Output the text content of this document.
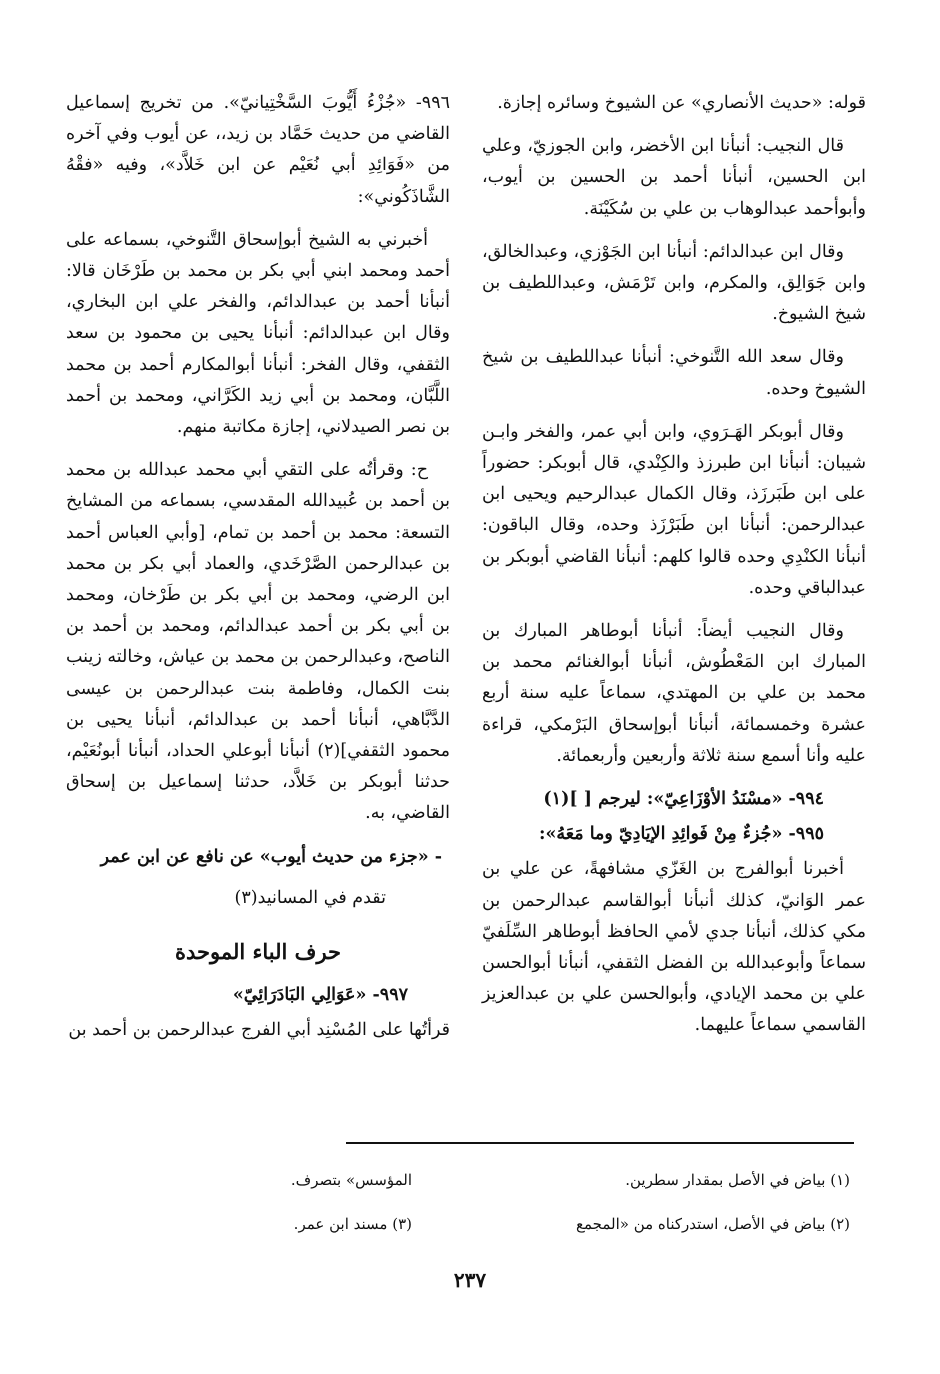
قوله: «حديث الأنصاري» عن الشيوخ وسائره إجازة.

قال النجيب: أنبأنا ابن الأخضر، وابن الجوزيّ، وعلي ابن الحسين، أنبأنا أحمد بن الحسين بن أيوب، وأبوأحمد عبدالوهاب بن علي بن سُكَيْنَة.

وقال ابن عبدالدائم: أنبأنا ابن الجَوْزي، وعبدالخالق، وابن جَوَالِق، والمكرم، وابن تَرْمَش، وعبداللطيف بن شيخ الشيوخ.

وقال سعد الله التَّنوخي: أنبأنا عبداللطيف بن شيخ الشيوخ وحده.

وقال أبوبكر الهَـرَوي، وابن أبي عمر، والفخر وابـن شيبان: أنبأنا ابن طبرزذ والكِنْدي، قال أبوبكر: حضوراً على ابن طَبَرزَذ، وقال الكمال عبدالرحيم ويحيى ابن عبدالرحمن: أنبأنا ابن طَبَرْزَذ وحده، وقال الباقون: أنبأنا الكنْدِي وحده قالوا كلهم: أنبأنا القاضي أبوبكر بن عبدالباقي وحده.

وقال النجيب أيضاً: أنبأنا أبوطاهر المبارك بن المبارك ابن المَعْطُوش، أنبأنا أبوالغنائم محمد بن محمد بن علي بن المهتدي، سماعاً عليه سنة أربع عشرة وخمسمائة، أنبأنا أبوإسحاق البَرْمكي، قراءة عليه وأنا أسمع سنة ثلاثة وأربعين وأربعمائة.

٩٩٤- «مسْنَدُ الأوْزَاعِيّ»: ليرجم [ ](١)

٩٩٥- «جُزءٌ مِنْ فَوائِدِ الإيَادِيّ وما مَعَهُ»:

أخبرنا أبوالفرج بن الغَزّي مشافهةً، عن علي بن عمر الوَانيّ، كذلك أنبأنا أبوالقاسم عبدالرحمن بن مكي كذلك، أنبأنا جدي لأمي الحافظ أبوطاهر السِّلَفيّ سماعاً وأبوعبدالله بن الفضل الثقفي، أنبأنا أبوالحسن علي بن محمد الإيادي، وأبوالحسن علي بن عبدالعزيز القاسمي سماعاً عليهما.

٩٩٦- «جُزْءُ أَيُّوبَ السَّخْتِيانيّ». من تخريج إسماعيل القاضي من حديث حَمَّاد بن زيد،، عن أيوب وفي آخره من «فَوَائِدِ أبي نُعَيْم عن ابن خَلاَّد»، وفيه «فقْهُ الشَّاذَكُوني»:

أخبرني به الشيخ أبوإسحاق التَّنوخي، بسماعه على أحمد ومحمد ابني أبي بكر بن محمد بن طَرْخَان قالا: أنبأنا أحمد بن عبدالدائم، والفخر علي ابن البخاري، وقال ابن عبدالدائم: أنبأنا يحيى بن محمود بن سعد الثقفي، وقال الفخر: أنبأنا أبوالمكارم أحمد بن محمد اللَّبَّان، ومحمد بن أبي زيد الكَرَّاني، ومحمد بن أحمد بن نصر الصيدلاني، إجازة مكاتبة منهم.

ح: وقرأتُه على التقي أبي محمد عبدالله بن محمد بن أحمد بن عُبيدالله المقدسي، بسماعه من المشايخ التسعة: محمد بن أحمد بن تمام، [وأبي العباس أحمد بن عبدالرحمن الصَّرْخَدي، والعماد أبي بكر بن محمد ابن الرضي، ومحمد بن أبي بكر بن طَرْخان، ومحمد بن أبي بكر بن أحمد عبدالدائم، ومحمد بن أحمد بن الناصح، وعبدالرحمن بن محمد بن عياش، وخالته زينب بنت الكمال، وفاطمة بنت عبدالرحمن بن عيسى الدَّبَّاهي، أنبأنا أحمد بن عبدالدائم، أنبأنا يحيى بن محمود الثقفي](٢) أنبأنا أبوعلي الحداد، أنبأنا أبونُعَيْم، حدثنا أبوبكر بن خَلاَّد، حدثنا إسماعيل بن إسحاق القاضي، به.

- «جزء من حديث أيوب» عن نافع عن ابن عمر

تقدم في المسانيد(٣)

حرف الباء الموحدة

٩٩٧- «عَوَالِي البَادَرَائِيّ»

قرأتُها على المُسْنِد أبي الفرج عبدالرحمن بن أحمد بن

(١) بياض في الأصل بمقدار سطرين.
(٢) بياض في الأصل، استدركناه من «المجمع
المؤسس» بتصرف.
(٣) مسند ابن عمر.
٢٣٧
